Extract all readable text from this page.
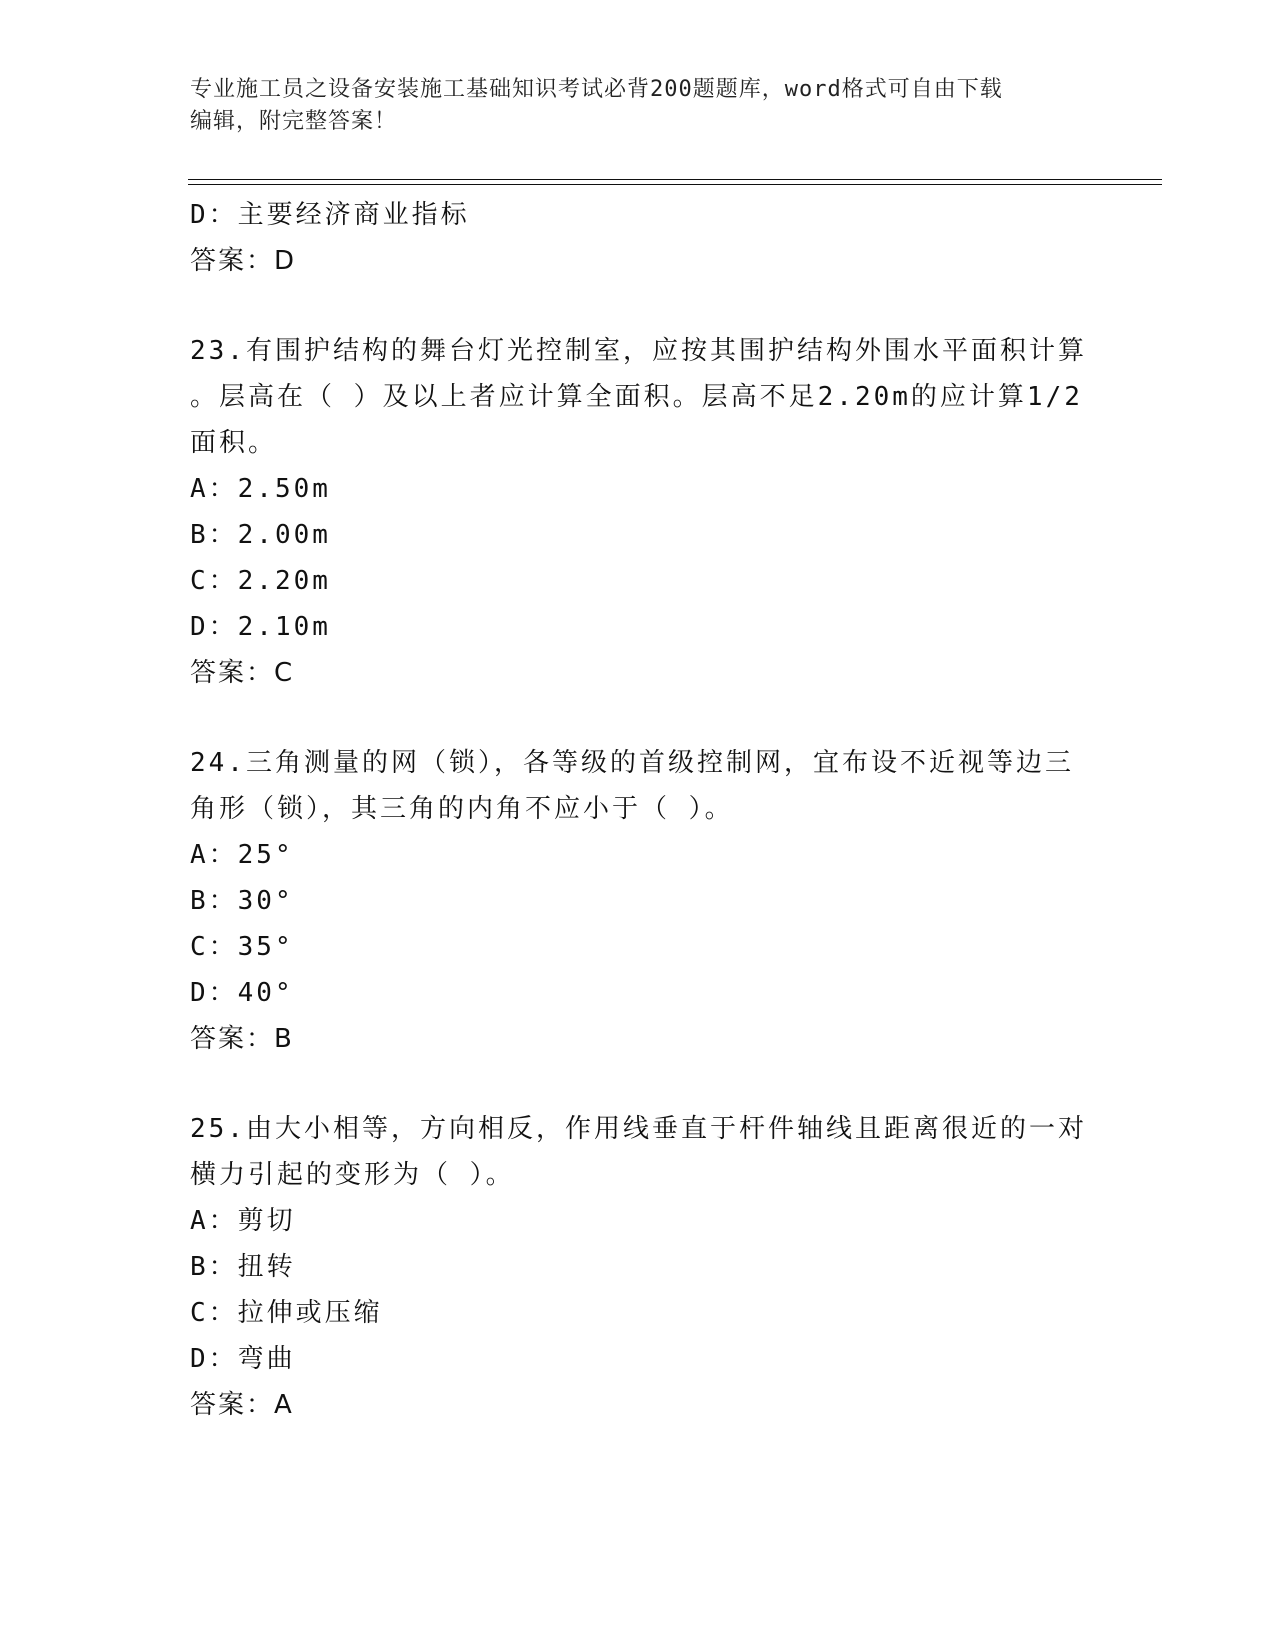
专业施工员之设备安装施工基础知识考试必背200题题库，word格式可自由下载
编辑，附完整答案！
D：主要经济商业指标
答案：D
23.有围护结构的舞台灯光控制室，应按其围护结构外围水平面积计算
。层高在（ ）及以上者应计算全面积。层高不足2.20m的应计算1/2
面积。
A：2.50m
B：2.00m
C：2.20m
D：2.10m
答案：C
24.三角测量的网（锁），各等级的首级控制网，宜布设不近视等边三
角形（锁），其三角的内角不应小于（ ）。
A：25°
B：30°
C：35°
D：40°
答案：B
25.由大小相等，方向相反，作用线垂直于杆件轴线且距离很近的一对
横力引起的变形为（ ）。
A：剪切
B：扭转
C：拉伸或压缩
D：弯曲
答案：A
